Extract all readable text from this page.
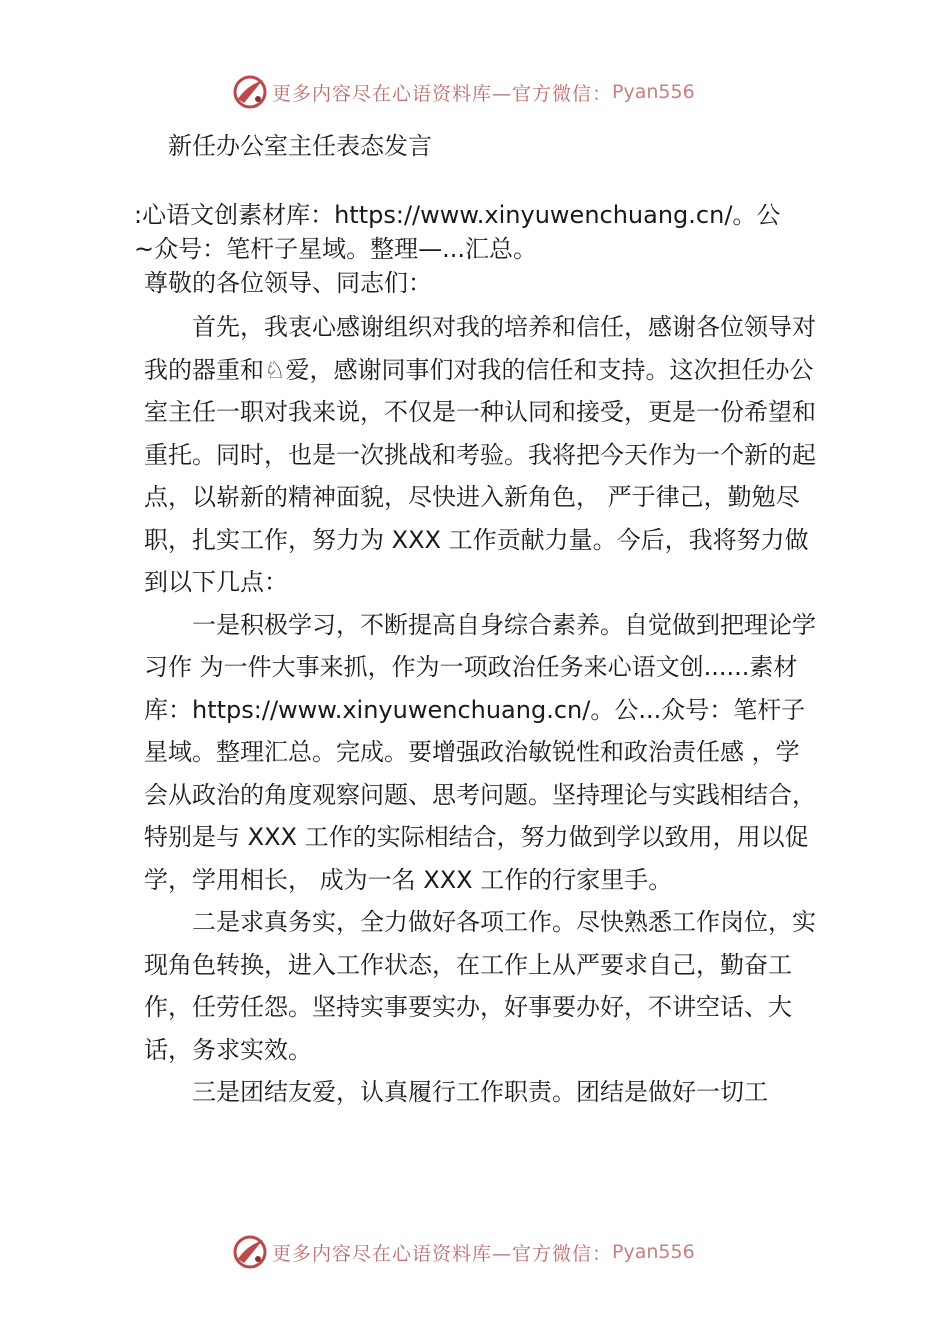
更多内容尽在心语资料库—官方微信： Pyan556
新任办公室主任表态发言
:心语文创素材库：https://www.xinyuwenchuang.cn/。公
~众号：笔杆子星域。整理—...汇总。
尊敬的各位领导、同志们：

首先，我衷心感谢组织对我的培养和信任，感谢各位领导对我的器重和♘爱，感谢同事们对我的信任和支持。这次担任办公室主任一职对我来说，不仅是一种认同和接受，更是一份希望和重托。同时，也是一次挑战和考验。我将把今天作为一个新的起点，以崭新的精神面貌，尽快进入新角色， 严于律己，勤勉尽职，扎实工作，努力为 XXX 工作贡献力量。今后，我将努力做到以下几点：

一是积极学习，不断提高自身综合素养。自觉做到把理论学习作 为一件大事来抓，作为一项政治任务来心语文创......素材库：https://www.xinyuwenchuang.cn/。公...众号：笔杆子星域。整理汇总。完成。要增强政治敏锐性和政治责任感 ，学会从政治的角度观察问题、思考问题。坚持理论与实践相结合，特别是与 XXX 工作的实际相结合，努力做到学以致用，用以促学，学用相长， 成为一名 XXX 工作的行家里手。

二是求真务实，全力做好各项工作。尽快熟悉工作岗位，实现角色转换，进入工作状态，在工作上从严要求自己，勤奋工作，任劳任怨。坚持实事要实办，好事要办好，不讲空话、大话，务求实效。

三是团结友爱，认真履行工作职责。团结是做好一切工

更多内容尽在心语资料库—官方微信： Pyan556
